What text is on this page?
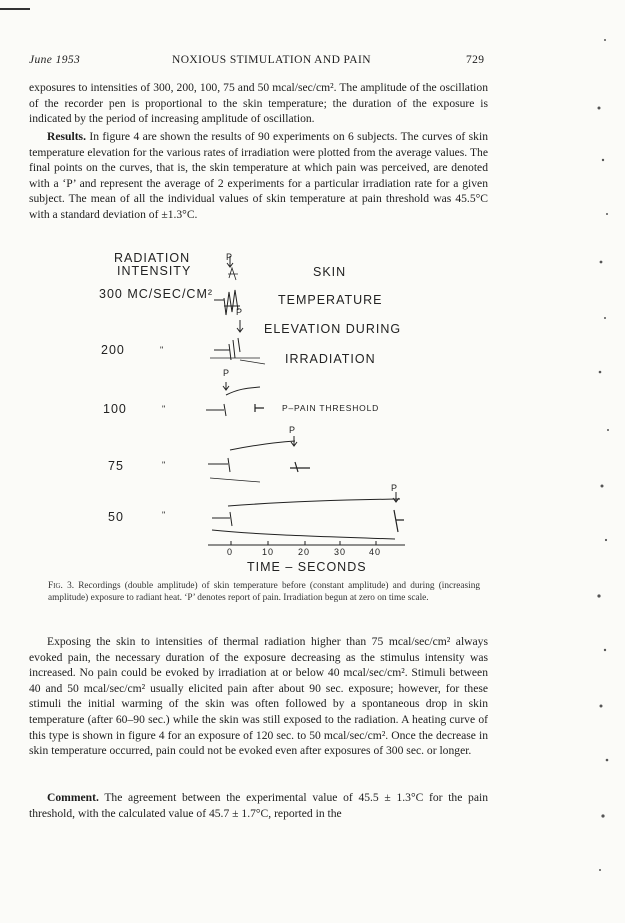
June 1953	NOXIOUS STIMULATION AND PAIN	729

exposures to intensities of 300, 200, 100, 75 and 50 mcal/sec/cm². The amplitude of the oscillation of the recorder pen is proportional to the skin temperature; the duration of the exposure is indicated by the period of increasing amplitude of oscillation.

Results. In figure 4 are shown the results of 90 experiments on 6 subjects. The curves of skin temperature elevation for the various rates of irradiation were plotted from the average values. The final points on the curves, that is, the skin temperature at which pain was perceived, are denoted with a ‘P’ and represent the average of 2 experiments for a particular irradiation rate for a given subject. The mean of all the individual values of skin temperature at pain threshold was 45.5°C with a standard deviation of ±1.3°C.

RADIATION
INTENSITY	SKIN
TEMPERATURE
ELEVATION DURING
IRRADIATION
300 MC/SEC/CM²
200
100
75
50
"
"
"
"
P–PAIN THRESHOLD
P
P
P
P
P
0	10	20	30	40
TIME – SECONDS
Fig. 3. Recordings (double amplitude) of skin temperature before (constant amplitude) and during (increasing amplitude) exposure to radiant heat. ‘P’ denotes report of pain. Irradiation begun at zero on time scale.

Exposing the skin to intensities of thermal radiation higher than 75 mcal/sec/cm² always evoked pain, the necessary duration of the exposure decreasing as the stimulus intensity was increased. No pain could be evoked by irradiation at or below 40 mcal/sec/cm². Stimuli between 40 and 50 mcal/sec/cm² usually elicited pain after about 90 sec. exposure; however, for these stimuli the initial warming of the skin was often followed by a spontaneous drop in skin temperature (after 60–90 sec.) while the skin was still exposed to the radiation. A heating curve of this type is shown in figure 4 for an exposure of 120 sec. to 50 mcal/sec/cm². Once the decrease in skin temperature occurred, pain could not be evoked even after exposures of 300 sec. or longer.

Comment. The agreement between the experimental value of 45.5 ± 1.3°C for the pain threshold, with the calculated value of 45.7 ± 1.7°C, reported in the
